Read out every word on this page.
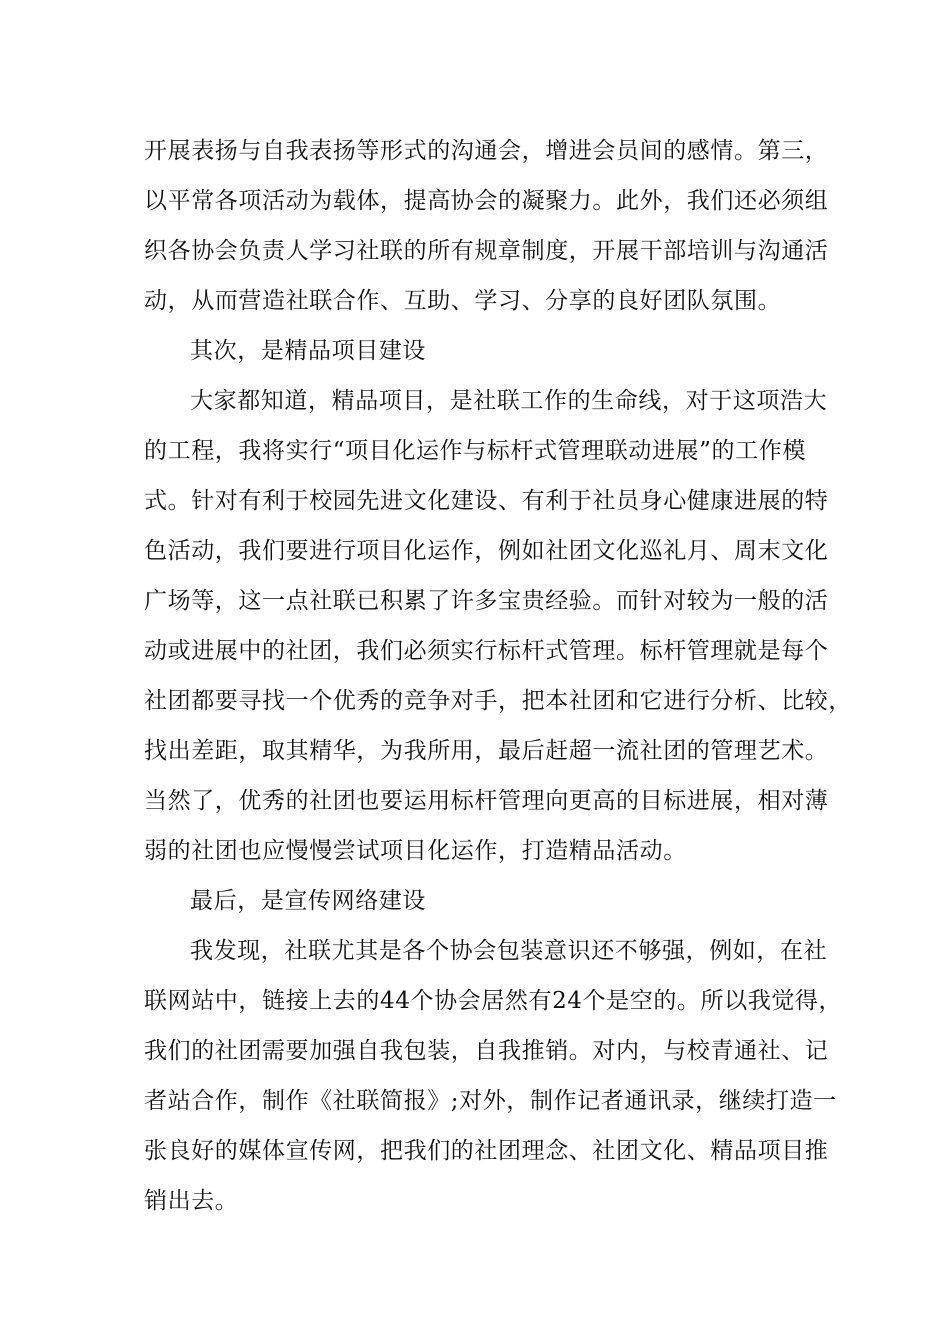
开展表扬与自我表扬等形式的沟通会，增进会员间的感情。第三，
以平常各项活动为载体，提高协会的凝聚力。此外，我们还必须组
织各协会负责人学习社联的所有规章制度，开展干部培训与沟通活
动，从而营造社联合作、互助、学习、分享的良好团队氛围。
其次，是精品项目建设
大家都知道，精品项目，是社联工作的生命线，对于这项浩大
的工程，我将实行“项目化运作与标杆式管理联动进展”的工作模
式。针对有利于校园先进文化建设、有利于社员身心健康进展的特
色活动，我们要进行项目化运作，例如社团文化巡礼月、周末文化
广场等，这一点社联已积累了许多宝贵经验。而针对较为一般的活
动或进展中的社团，我们必须实行标杆式管理。标杆管理就是每个
社团都要寻找一个优秀的竞争对手，把本社团和它进行分析、比较，
找出差距，取其精华，为我所用，最后赶超一流社团的管理艺术。
当然了，优秀的社团也要运用标杆管理向更高的目标进展，相对薄
弱的社团也应慢慢尝试项目化运作，打造精品活动。
最后，是宣传网络建设
我发现，社联尤其是各个协会包装意识还不够强，例如，在社
联网站中，链接上去的44个协会居然有24个是空的。所以我觉得，
我们的社团需要加强自我包装，自我推销。对内，与校青通社、记
者站合作，制作《社联简报》;对外，制作记者通讯录，继续打造一
张良好的媒体宣传网，把我们的社团理念、社团文化、精品项目推
销出去。
